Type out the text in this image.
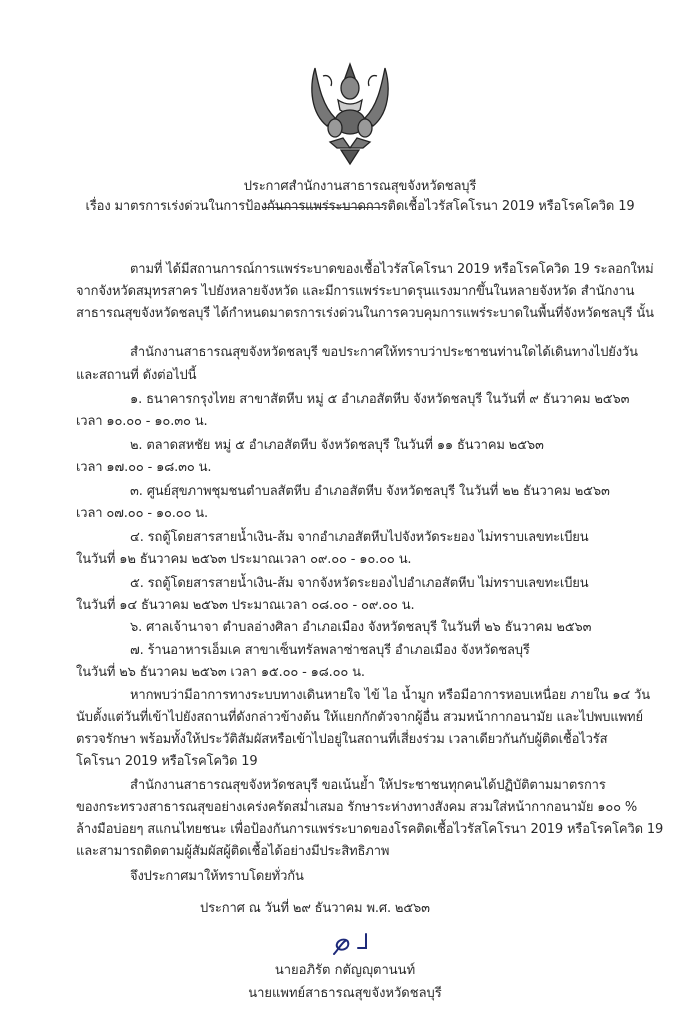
ประกาศสำนักงานสาธารณสุขจังหวัดชลบุรี
เรื่อง มาตรการเร่งด่วนในการป้องกันการแพร่ระบาดการติดเชื้อไวรัสโคโรนา 2019 หรือโรคโควิด 19
ตามที่ ได้มีสถานการณ์การแพร่ระบาดของเชื้อไวรัสโคโรนา 2019 หรือโรคโควิด 19 ระลอกใหม่
จากจังหวัดสมุทรสาคร ไปยังหลายจังหวัด และมีการแพร่ระบาดรุนแรงมากขึ้นในหลายจังหวัด สำนักงาน
สาธารณสุขจังหวัดชลบุรี ได้กำหนดมาตรการเร่งด่วนในการควบคุมการแพร่ระบาดในพื้นที่จังหวัดชลบุรี นั้น
สำนักงานสาธารณสุขจังหวัดชลบุรี ขอประกาศให้ทราบว่าประชาชนท่านใดได้เดินทางไปยังวัน
และสถานที่ ดังต่อไปนี้
๑. ธนาคารกรุงไทย สาขาสัตหีบ หมู่ ๕ อำเภอสัตหีบ จังหวัดชลบุรี ในวันที่ ๙ ธันวาคม ๒๕๖๓
เวลา ๑๐.๐๐ - ๑๐.๓๐ น.
๒. ตลาดสหชัย หมู่ ๕ อำเภอสัตหีบ จังหวัดชลบุรี ในวันที่ ๑๑ ธันวาคม ๒๕๖๓
เวลา ๑๗.๐๐ - ๑๘.๓๐ น.
๓. ศูนย์สุขภาพชุมชนตำบลสัตหีบ อำเภอสัตหีบ จังหวัดชลบุรี ในวันที่ ๒๒ ธันวาคม ๒๕๖๓
เวลา ๐๗.๐๐ - ๑๐.๐๐ น.
๔. รถตู้โดยสารสายน้ำเงิน-ส้ม จากอำเภอสัตหีบไปจังหวัดระยอง ไม่ทราบเลขทะเบียน
ในวันที่ ๑๒ ธันวาคม ๒๕๖๓ ประมาณเวลา ๐๙.๐๐ - ๑๐.๐๐ น.
๕. รถตู้โดยสารสายน้ำเงิน-ส้ม จากจังหวัดระยองไปอำเภอสัตหีบ ไม่ทราบเลขทะเบียน
ในวันที่ ๑๔ ธันวาคม ๒๕๖๓ ประมาณเวลา ๐๘.๐๐ - ๐๙.๐๐ น.
๖. ศาลเจ้านาจา ตำบลอ่างศิลา อำเภอเมือง จังหวัดชลบุรี ในวันที่ ๒๖ ธันวาคม ๒๕๖๓
๗. ร้านอาหารเอ็มเค สาขาเซ็นทรัลพลาซ่าชลบุรี อำเภอเมือง จังหวัดชลบุรี
ในวันที่ ๒๖ ธันวาคม ๒๕๖๓ เวลา ๑๕.๐๐ - ๑๘.๐๐ น.
หากพบว่ามีอาการทางระบบทางเดินหายใจ ไข้ ไอ น้ำมูก หรือมีอาการหอบเหนื่อย ภายใน ๑๔ วัน
นับตั้งแต่วันที่เข้าไปยังสถานที่ดังกล่าวข้างต้น ให้แยกกักตัวจากผู้อื่น สวมหน้ากากอนามัย และไปพบแพทย์
ตรวจรักษา พร้อมทั้งให้ประวัติสัมผัสหรือเข้าไปอยู่ในสถานที่เสี่ยงร่วม เวลาเดียวกันกับผู้ติดเชื้อไวรัส
โคโรนา 2019 หรือโรคโควิด 19
สำนักงานสาธารณสุขจังหวัดชลบุรี ขอเน้นย้ำ ให้ประชาชนทุกคนได้ปฏิบัติตามมาตรการ
ของกระทรวงสาธารณสุขอย่างเคร่งครัดสม่ำเสมอ รักษาระห่างทางสังคม สวมใส่หน้ากากอนามัย ๑๐๐ %
ล้างมือบ่อยๆ สแกนไทยชนะ เพื่อป้องกันการแพร่ระบาดของโรคติดเชื้อไวรัสโคโรนา 2019 หรือโรคโควิด 19
และสามารถติดตามผู้สัมผัสผู้ติดเชื้อได้อย่างมีประสิทธิภาพ
จึงประกาศมาให้ทราบโดยทั่วกัน
ประกาศ ณ วันที่ ๒๙ ธันวาคม พ.ศ. ๒๕๖๓
นายอภิรัต กตัญญุตานนท์
นายแพทย์สาธารณสุขจังหวัดชลบุรี
